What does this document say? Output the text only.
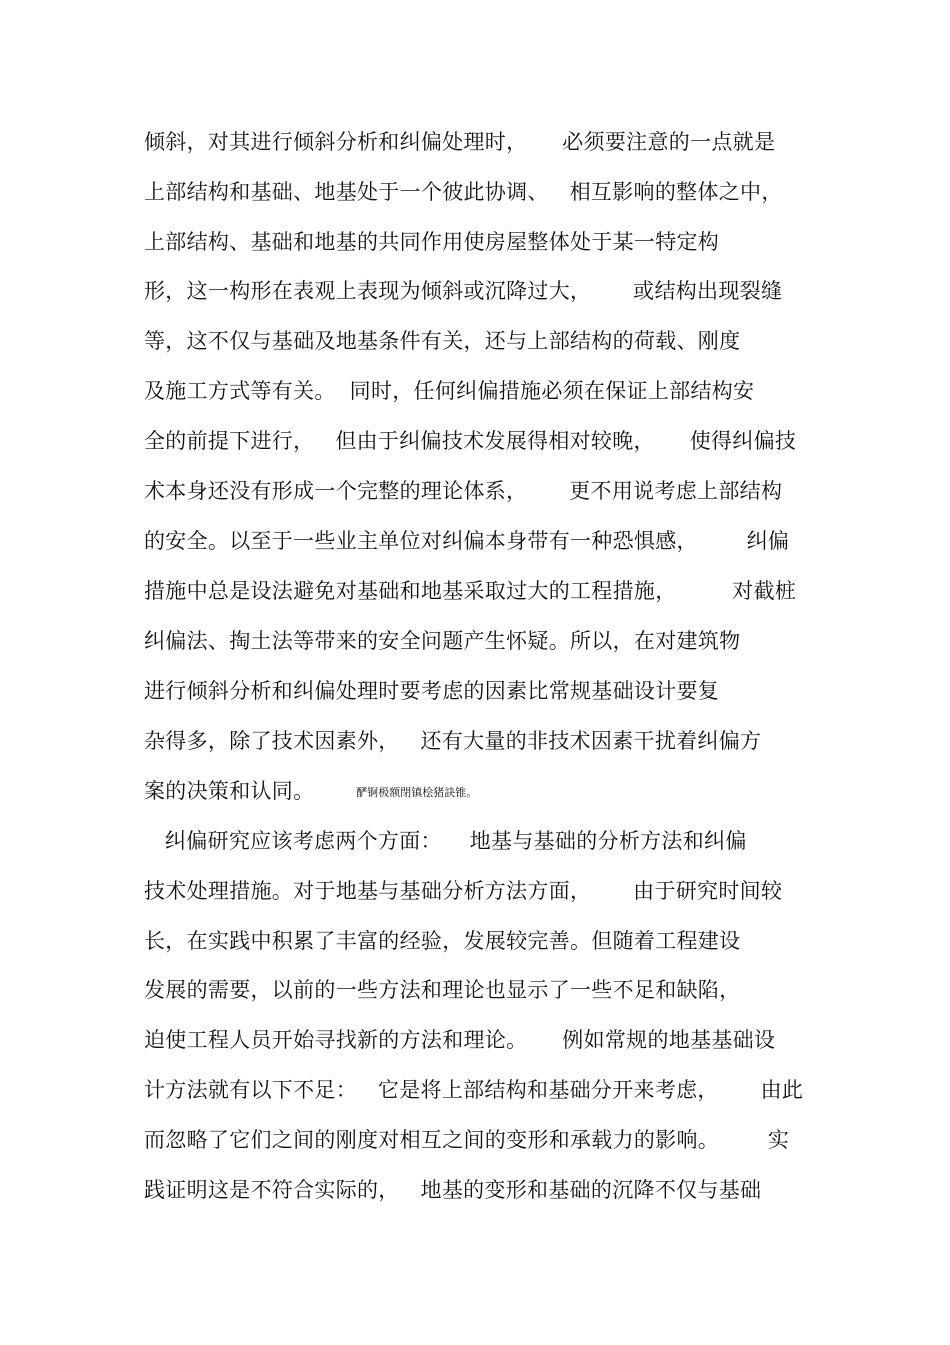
倾斜，对其进行倾斜分析和纠偏处理时，     必须要注意的一点就是
上部结构和基础、地基处于一个彼此协调、   相互影响的整体之中，
上部结构、基础和地基的共同作用使房屋整体处于某一特定构
形，这一构形在表观上表现为倾斜或沉降过大，      或结构出现裂缝
等，这不仅与基础及地基条件有关，还与上部结构的荷载、刚度
及施工方式等有关。  同时，任何纠偏措施必须在保证上部结构安
全的前提下进行，   但由于纠偏技术发展得相对较晚，     使得纠偏技
术本身还没有形成一个完整的理论体系，      更不用说考虑上部结构
的安全。以至于一些业主单位对纠偏本身带有一种恐惧感，       纠偏
措施中总是设法避免对基础和地基采取过大的工程措施，        对截桩
纠偏法、掏土法等带来的安全问题产生怀疑。所以，在对建筑物
进行倾斜分析和纠偏处理时要考虑的因素比常规基础设计要复
杂得多，除了技术因素外，   还有大量的非技术因素干扰着纠偏方
案的决策和认同。	酽锕极额閉镇桧猪訣锥。
纠偏研究应该考虑两个方面：    地基与基础的分析方法和纠偏
技术处理措施。对于地基与基础分析方法方面，      由于研究时间较
长，在实践中积累了丰富的经验，发展较完善。但随着工程建设
发展的需要，以前的一些方法和理论也显示了一些不足和缺陷，
迫使工程人员开始寻找新的方法和理论。     例如常规的地基基础设
计方法就有以下不足：   它是将上部结构和基础分开来考虑，      由此
而忽略了它们之间的刚度对相互之间的变形和承载力的影响。       实
践证明这是不符合实际的，   地基的变形和基础的沉降不仅与基础
